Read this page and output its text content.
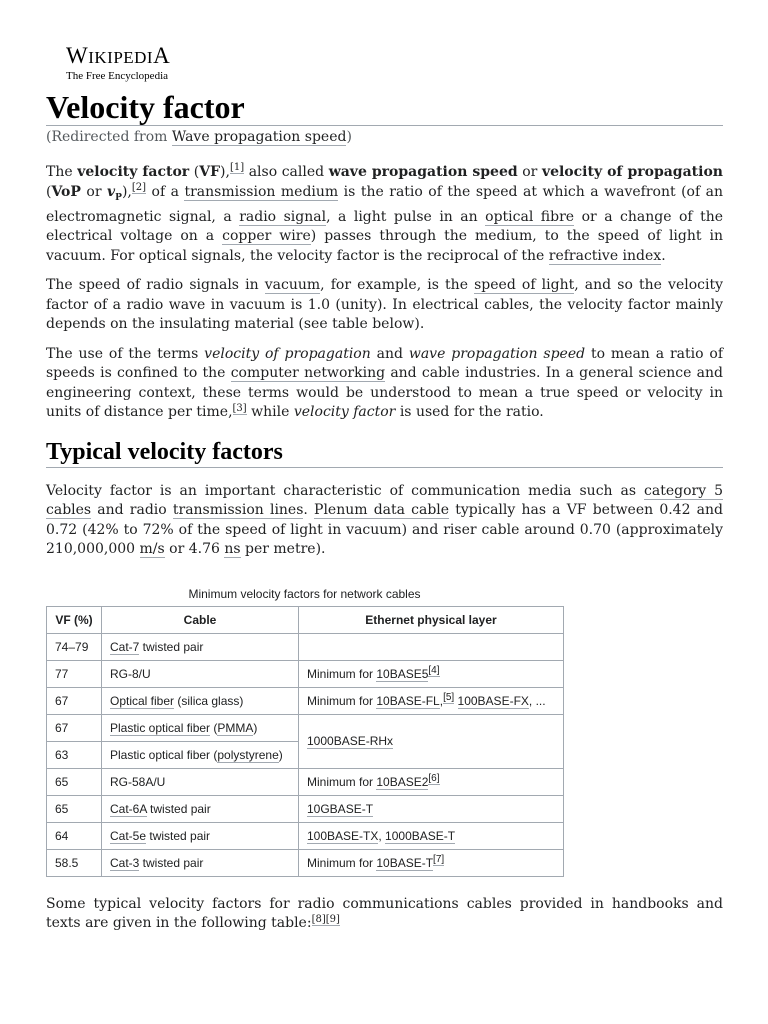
WIKIPEDIA
The Free Encyclopedia
Velocity factor
(Redirected from Wave propagation speed)

The velocity factor (VF),[1] also called wave propagation speed or velocity of propagation (VoP or $v_P),[2]$ of a transmission medium is the ratio of the speed at which a wavefront (of an electromagnetic signal, a radio signal, a light pulse in an optical fibre or a change of the electrical voltage on a copper wire) passes through the medium, to the speed of light in vacuum. For optical signals, the velocity factor is the reciprocal of the refractive index.

The speed of radio signals in vacuum, for example, is the speed of light, and so the velocity factor of a radio wave in vacuum is 1.0 (unity). In electrical cables, the velocity factor mainly depends on the insulating material (see table below).

The use of the terms velocity of propagation and wave propagation speed to mean a ratio of speeds is confined to the computer networking and cable industries. In a general science and engineering context, these terms would be understood to mean a true speed or velocity in units of distance per time,[3] while velocity factor is used for the ratio.

Typical velocity factors

Velocity factor is an important characteristic of communication media such as category 5 cables and radio transmission lines. Plenum data cable typically has a VF between 0.42 and 0.72 (42% to 72% of the speed of light in vacuum) and riser cable around 0.70 (approximately 210,000,000 m/s or 4.76 ns per metre).

Minimum velocity factors for network cables
VF (%)	Cable	Ethernet physical layer
74–79	Cat-7 twisted pair	
77	RG-8/U	Minimum for 10BASE5[4]
67	Optical fiber (silica glass)	Minimum for 10BASE-FL,[5] 100BASE-FX, ...
67	Plastic optical fiber (PMMA)	1000BASE-RHx
63	Plastic optical fiber (polystyrene)	
65	RG-58A/U	Minimum for 10BASE2[6]
65	Cat-6A twisted pair	10GBASE-T
64	Cat-5e twisted pair	100BASE-TX, 1000BASE-T
58.5	Cat-3 twisted pair	Minimum for 10BASE-T[7]

Some typical velocity factors for radio communications cables provided in handbooks and texts are given in the following table:[8][9]
